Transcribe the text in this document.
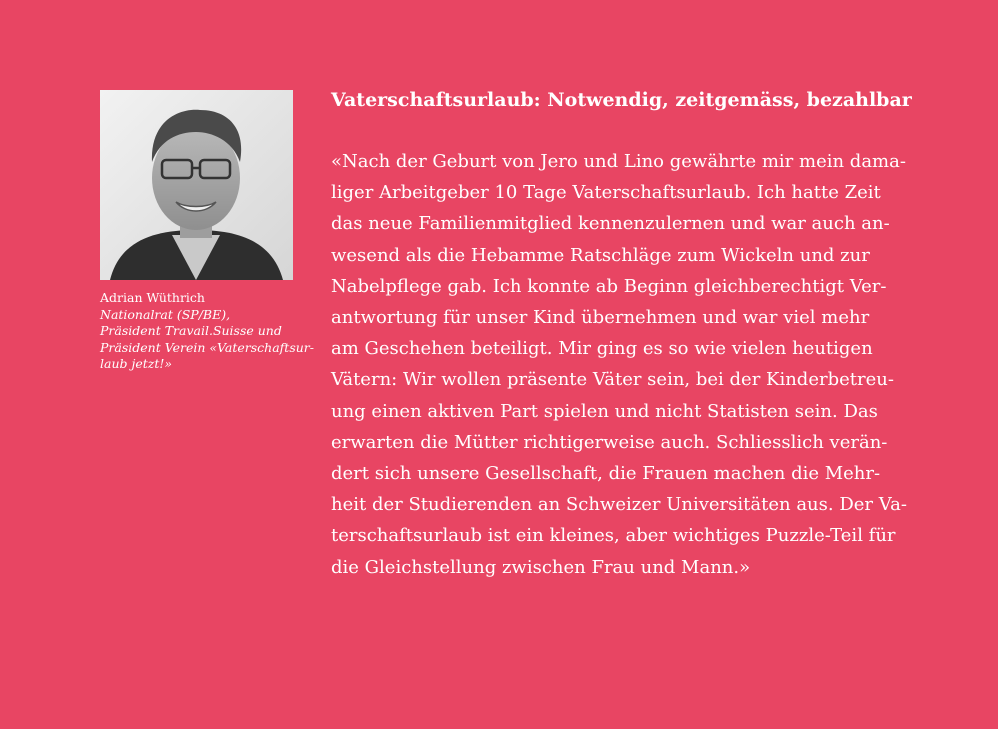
Adrian Wüthrich
Nationalrat (SP/BE),
Präsident Travail.Suisse und
Präsident Verein «Vaterschaftsur-
laub jetzt!»
Vaterschaftsurlaub: Notwendig, zeitgemäss, bezahlbar

«Nach der Geburt von Jero und Lino gewährte mir mein dama-
liger Arbeitgeber 10 Tage Vaterschaftsurlaub. Ich hatte Zeit
das neue Familienmitglied kennenzulernen und war auch an-
wesend als die Hebamme Ratschläge zum Wickeln und zur
Nabelpflege gab. Ich konnte ab Beginn gleichberechtigt Ver-
antwortung für unser Kind übernehmen und war viel mehr
am Geschehen beteiligt. Mir ging es so wie vielen heutigen
Vätern: Wir wollen präsente Väter sein, bei der Kinderbetreu-
ung einen aktiven Part spielen und nicht Statisten sein. Das
erwarten die Mütter richtigerweise auch. Schliesslich verän-
dert sich unsere Gesellschaft, die Frauen machen die Mehr-
heit der Studierenden an Schweizer Universitäten aus. Der Va-
terschaftsurlaub ist ein kleines, aber wichtiges Puzzle-Teil für
die Gleichstellung zwischen Frau und Mann.»
